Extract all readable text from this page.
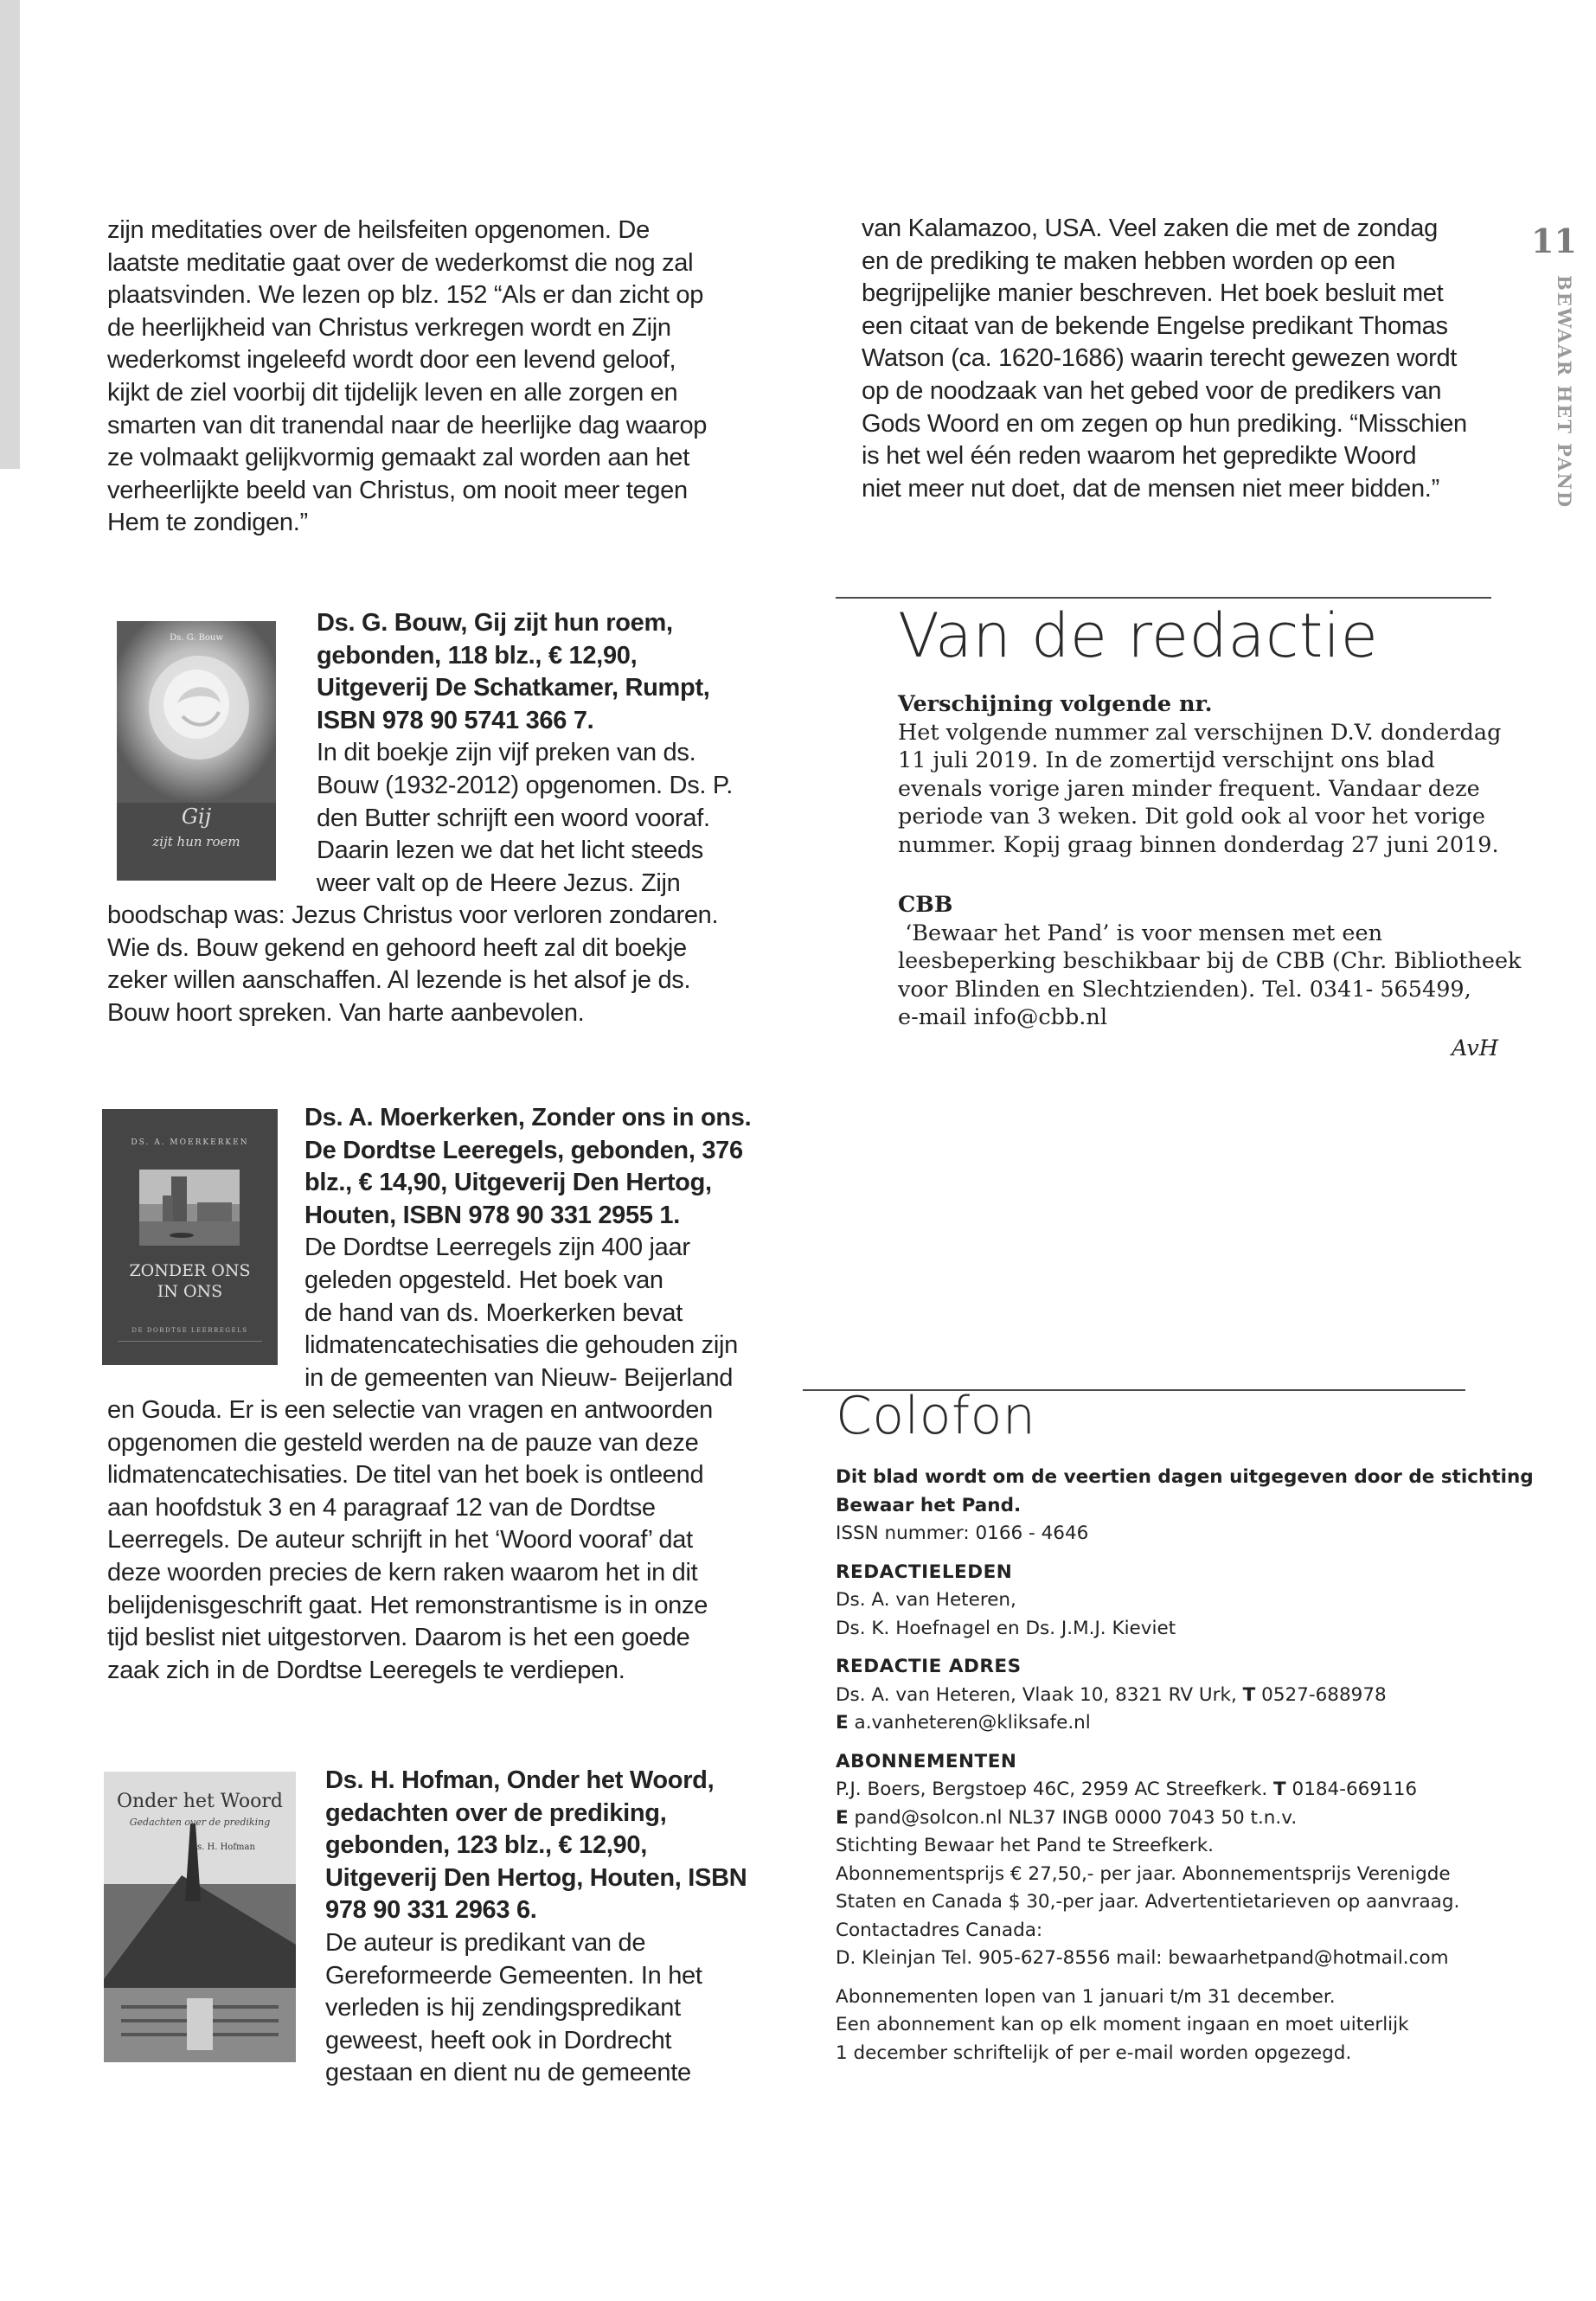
11
BEWAAR HET PAND
zijn meditaties over de heilsfeiten opgenomen. De
laatste meditatie gaat over de wederkomst die nog zal
plaatsvinden. We lezen op blz. 152 “Als er dan zicht op
de heerlijkheid van Christus verkregen wordt en Zijn
wederkomst ingeleefd wordt door een levend geloof,
kijkt de ziel voorbij dit tijdelijk leven en alle zorgen en
smarten van dit tranendal naar de heerlijke dag waarop
ze volmaakt gelijkvormig gemaakt zal worden aan het
verheerlijkte beeld van Christus, om nooit meer tegen
Hem te zondigen.”
Ds. G. Bouw
Gij
zijt hun roem
Ds. G. Bouw, Gij zijt hun roem,
gebonden, 118 blz., € 12,90,
Uitgeverij De Schatkamer, Rumpt,
ISBN 978 90 5741 366 7.
In dit boekje zijn vijf preken van ds.
Bouw (1932-2012) opgenomen. Ds. P.
den Butter schrijft een woord vooraf.
Daarin lezen we dat het licht steeds
weer valt op de Heere Jezus. Zijn
boodschap was: Jezus Christus voor verloren zondaren.
Wie ds. Bouw gekend en gehoord heeft zal dit boekje
zeker willen aanschaffen. Al lezende is het alsof je ds.
Bouw hoort spreken. Van harte aanbevolen.
DS. A. MOERKERKEN
ZONDER ONS
IN ONS
DE DORDTSE LEERREGELS
Ds. A. Moerkerken, Zonder ons in ons.
De Dordtse Leeregels, gebonden, 376
blz., € 14,90, Uitgeverij Den Hertog,
Houten, ISBN 978 90 331 2955 1.
De Dordtse Leerregels zijn 400 jaar
geleden opgesteld. Het boek van
de hand van ds. Moerkerken bevat
lidmatencatechisaties die gehouden zijn
in de gemeenten van Nieuw- Beijerland
en Gouda. Er is een selectie van vragen en antwoorden
opgenomen die gesteld werden na de pauze van deze
lidmatencatechisaties. De titel van het boek is ontleend
aan hoofdstuk 3 en 4 paragraaf 12 van de Dordtse
Leerregels. De auteur schrijft in het ‘Woord vooraf’ dat
deze woorden precies de kern raken waarom het in dit
belijdenisgeschrift gaat. Het remonstrantisme is in onze
tijd beslist niet uitgestorven. Daarom is het een goede
zaak zich in de Dordtse Leeregels te verdiepen.
Onder het Woord
Gedachten over de prediking
Ds. H. Hofman
Ds. H. Hofman, Onder het Woord,
gedachten over de prediking,
gebonden, 123 blz., € 12,90,
Uitgeverij Den Hertog, Houten, ISBN
978 90 331 2963 6.
De auteur is predikant van de
Gereformeerde Gemeenten. In het
verleden is hij zendingspredikant
geweest, heeft ook in Dordrecht
gestaan en dient nu de gemeente
van Kalamazoo, USA. Veel zaken die met de zondag
en de prediking te maken hebben worden op een
begrijpelijke manier beschreven. Het boek besluit met
een citaat van de bekende Engelse predikant Thomas
Watson (ca. 1620-1686) waarin terecht gewezen wordt
op de noodzaak van het gebed voor de predikers van
Gods Woord en om zegen op hun prediking. “Misschien
is het wel één reden waarom het gepredikte Woord
niet meer nut doet, dat de mensen niet meer bidden.”
Van de redactie
Verschijning volgende nr.
Het volgende nummer zal verschijnen D.V. donderdag
11 juli 2019. In de zomertijd verschijnt ons blad
evenals vorige jaren minder frequent. Vandaar deze
periode van 3 weken. Dit gold ook al voor het vorige
nummer. Kopij graag binnen donderdag 27 juni 2019.
CBB
‘Bewaar het Pand’ is voor mensen met een
leesbeperking beschikbaar bij de CBB (Chr. Bibliotheek
voor Blinden en Slechtzienden). Tel. 0341- 565499,
e-mail info@cbb.nl
AvH
Colofon
Dit blad wordt om de veertien dagen uitgegeven door de stichting
Bewaar het Pand.
ISSN nummer: 0166 - 4646
REDACTIELEDEN
Ds. A. van Heteren,
Ds. K. Hoefnagel en Ds. J.M.J. Kieviet
REDACTIE ADRES
Ds. A. van Heteren, Vlaak 10, 8321 RV Urk, T 0527-688978
E a.vanheteren@kliksafe.nl
ABONNEMENTEN
P.J. Boers, Bergstoep 46C, 2959 AC Streefkerk. T 0184-669116
E pand@solcon.nl NL37 INGB 0000 7043 50 t.n.v.
Stichting Bewaar het Pand te Streefkerk.
Abonnementsprijs € 27,50,- per jaar. Abonnementsprijs Verenigde
Staten en Canada $ 30,-per jaar. Advertentietarieven op aanvraag.
Contactadres Canada:
D. Kleinjan Tel. 905-627-8556 mail: bewaarhetpand@hotmail.com
Abonnementen lopen van 1 januari t/m 31 december.
Een abonnement kan op elk moment ingaan en moet uiterlijk
1 december schriftelijk of per e-mail worden opgezegd.
